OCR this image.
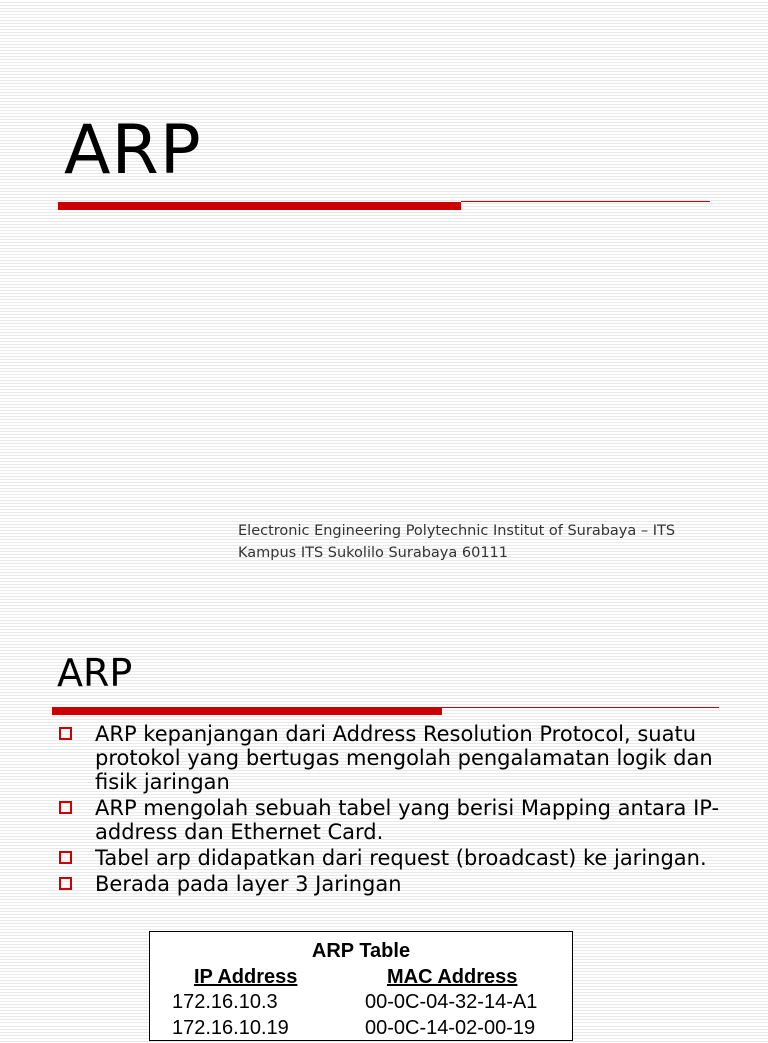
ARP
Electronic Engineering Polytechnic Institut of Surabaya – ITS
Kampus ITS Sukolilo Surabaya 60111
ARP
ARP kepanjangan dari Address Resolution Protocol, suatu protokol yang bertugas mengolah pengalamatan logik dan fisik jaringan
ARP mengolah sebuah tabel yang berisi Mapping antara IP-address dan Ethernet Card.
Tabel arp didapatkan dari request (broadcast) ke jaringan.
Berada pada layer 3 Jaringan
ARP Table
IP Address	MAC Address
172.16.10.3	00-0C-04-32-14-A1
172.16.10.19	00-0C-14-02-00-19
